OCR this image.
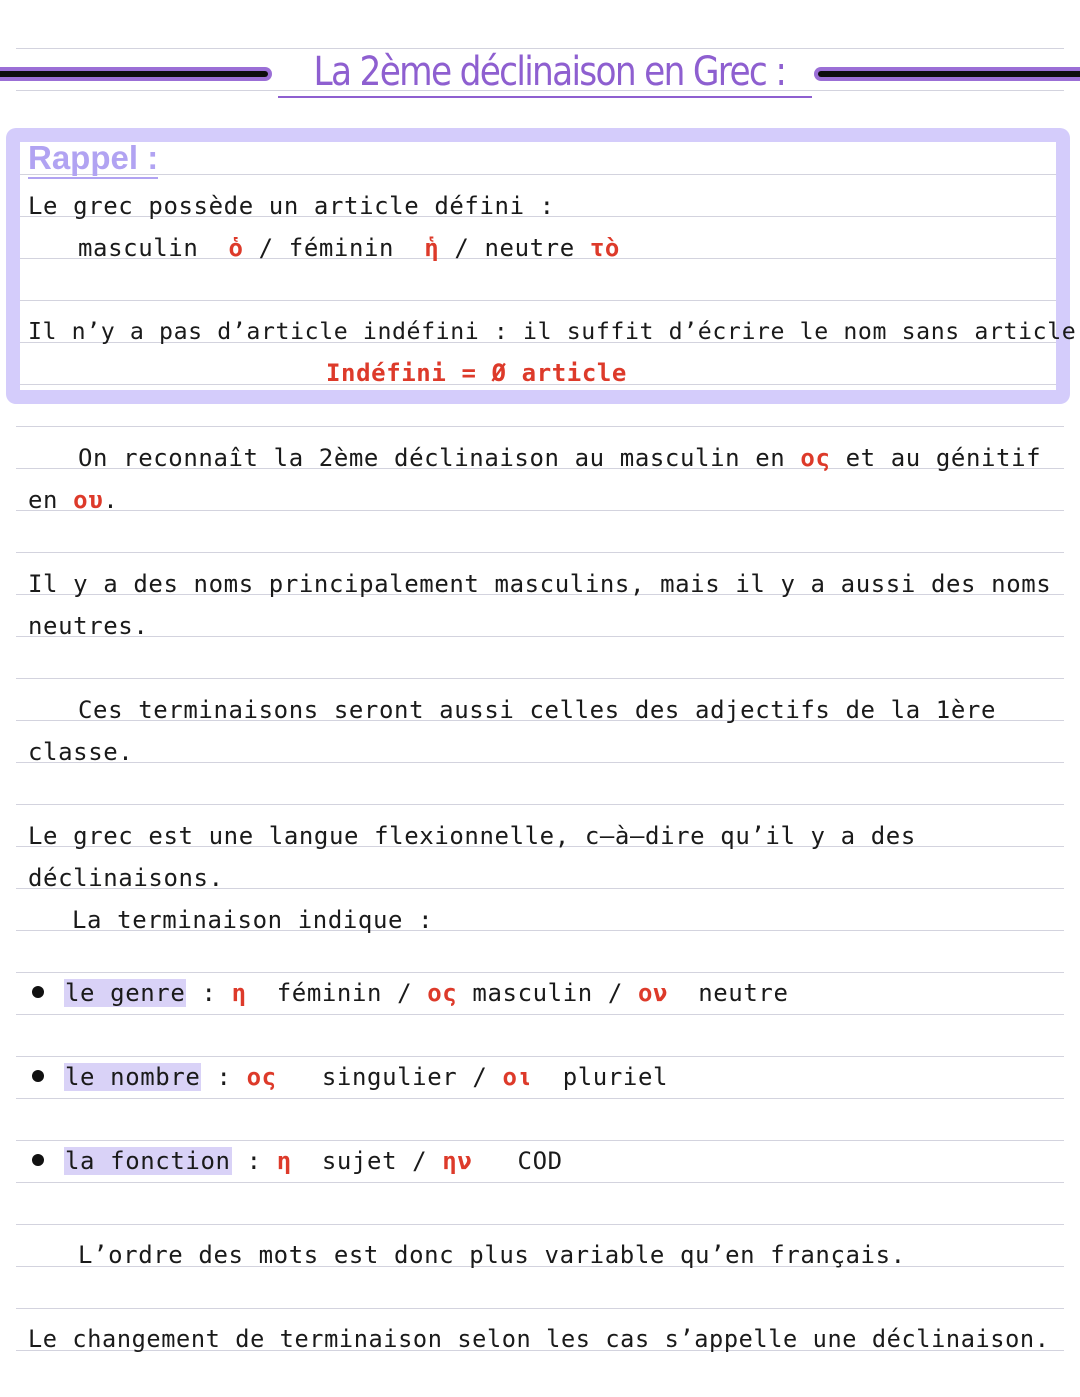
La 2ème déclinaison en Grec :
Rappel :
Le grec possède un article défini :
masculin ὁ / féminin ἡ / neutre τὸ
Il n’y a pas d’article indéfini : il suffit d’écrire le nom sans article
Indéfini = Ø article
On reconnaît la 2ème déclinaison au masculin en ος et au génitif
en ου.
Il y a des noms principalement masculins, mais il y a aussi des noms
neutres.
Ces terminaisons seront aussi celles des adjectifs de la 1ère
classe.
Le grec est une langue flexionnelle, c–à–dire qu’il y a des
déclinaisons.
La terminaison indique :
le genre : η féminin / ος masculin / ον neutre
le nombre : ος singulier / οι pluriel
la fonction : η sujet / ην COD
L’ordre des mots est donc plus variable qu’en français.
Le changement de terminaison selon les cas s’appelle une déclinaison.
